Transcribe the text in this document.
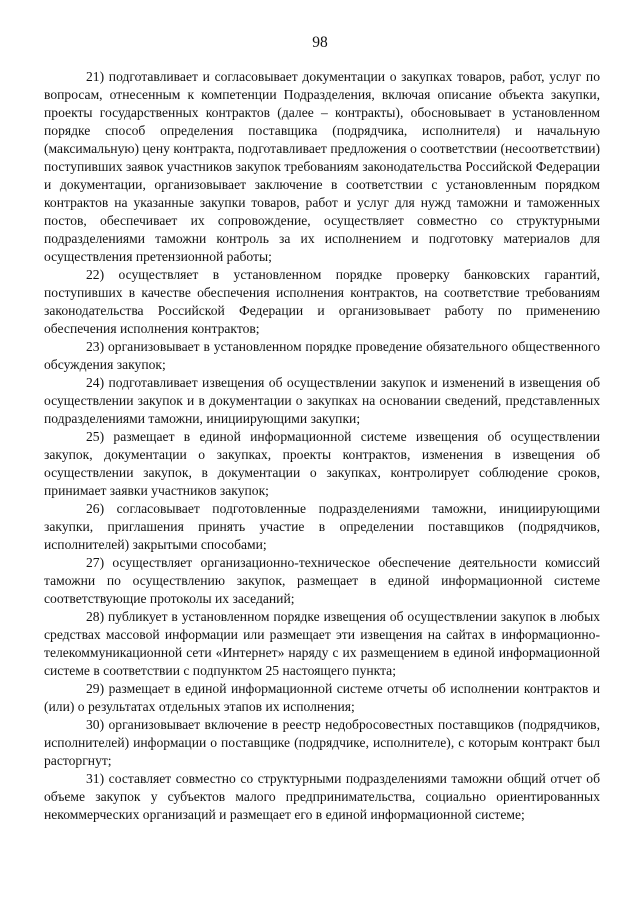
98

21) подготавливает и согласовывает документации о закупках товаров, работ, услуг по вопросам, отнесенным к компетенции Подразделения, включая описание объекта закупки, проекты государственных контрактов (далее – контракты), обосновывает в установленном порядке способ определения поставщика (подрядчика, исполнителя) и начальную (максимальную) цену контракта, подготавливает предложения о соответствии (несоответствии) поступивших заявок участников закупок требованиям законодательства Российской Федерации и документации, организовывает заключение в соответствии с установленным порядком контрактов на указанные закупки товаров, работ и услуг для нужд таможни и таможенных постов, обеспечивает их сопровождение, осуществляет совместно со структурными подразделениями таможни контроль за их исполнением и подготовку материалов для осуществления претензионной работы;

22) осуществляет в установленном порядке проверку банковских гарантий, поступивших в качестве обеспечения исполнения контрактов, на соответствие требованиям законодательства Российской Федерации и организовывает работу по применению обеспечения исполнения контрактов;

23) организовывает в установленном порядке проведение обязательного общественного обсуждения закупок;

24) подготавливает извещения об осуществлении закупок и изменений в извещения об осуществлении закупок и в документации о закупках на основании сведений, представленных подразделениями таможни, инициирующими закупки;

25) размещает в единой информационной системе извещения об осуществлении закупок, документации о закупках, проекты контрактов, изменения в извещения об осуществлении закупок, в документации о закупках, контролирует соблюдение сроков, принимает заявки участников закупок;

26) согласовывает подготовленные подразделениями таможни, инициирующими закупки, приглашения принять участие в определении поставщиков (подрядчиков, исполнителей) закрытыми способами;

27) осуществляет организационно-техническое обеспечение деятельности комиссий таможни по осуществлению закупок, размещает в единой информационной системе соответствующие протоколы их заседаний;

28) публикует в установленном порядке извещения об осуществлении закупок в любых средствах массовой информации или размещает эти извещения на сайтах в информационно-телекоммуникационной сети «Интернет» наряду с их размещением в единой информационной системе в соответствии с подпунктом 25 настоящего пункта;

29) размещает в единой информационной системе отчеты об исполнении контрактов и (или) о результатах отдельных этапов их исполнения;

30) организовывает включение в реестр недобросовестных поставщиков (подрядчиков, исполнителей) информации о поставщике (подрядчике, исполнителе), с которым контракт был расторгнут;

31) составляет совместно со структурными подразделениями таможни общий отчет об объеме закупок у субъектов малого предпринимательства, социально ориентированных некоммерческих организаций и размещает его в единой информационной системе;
